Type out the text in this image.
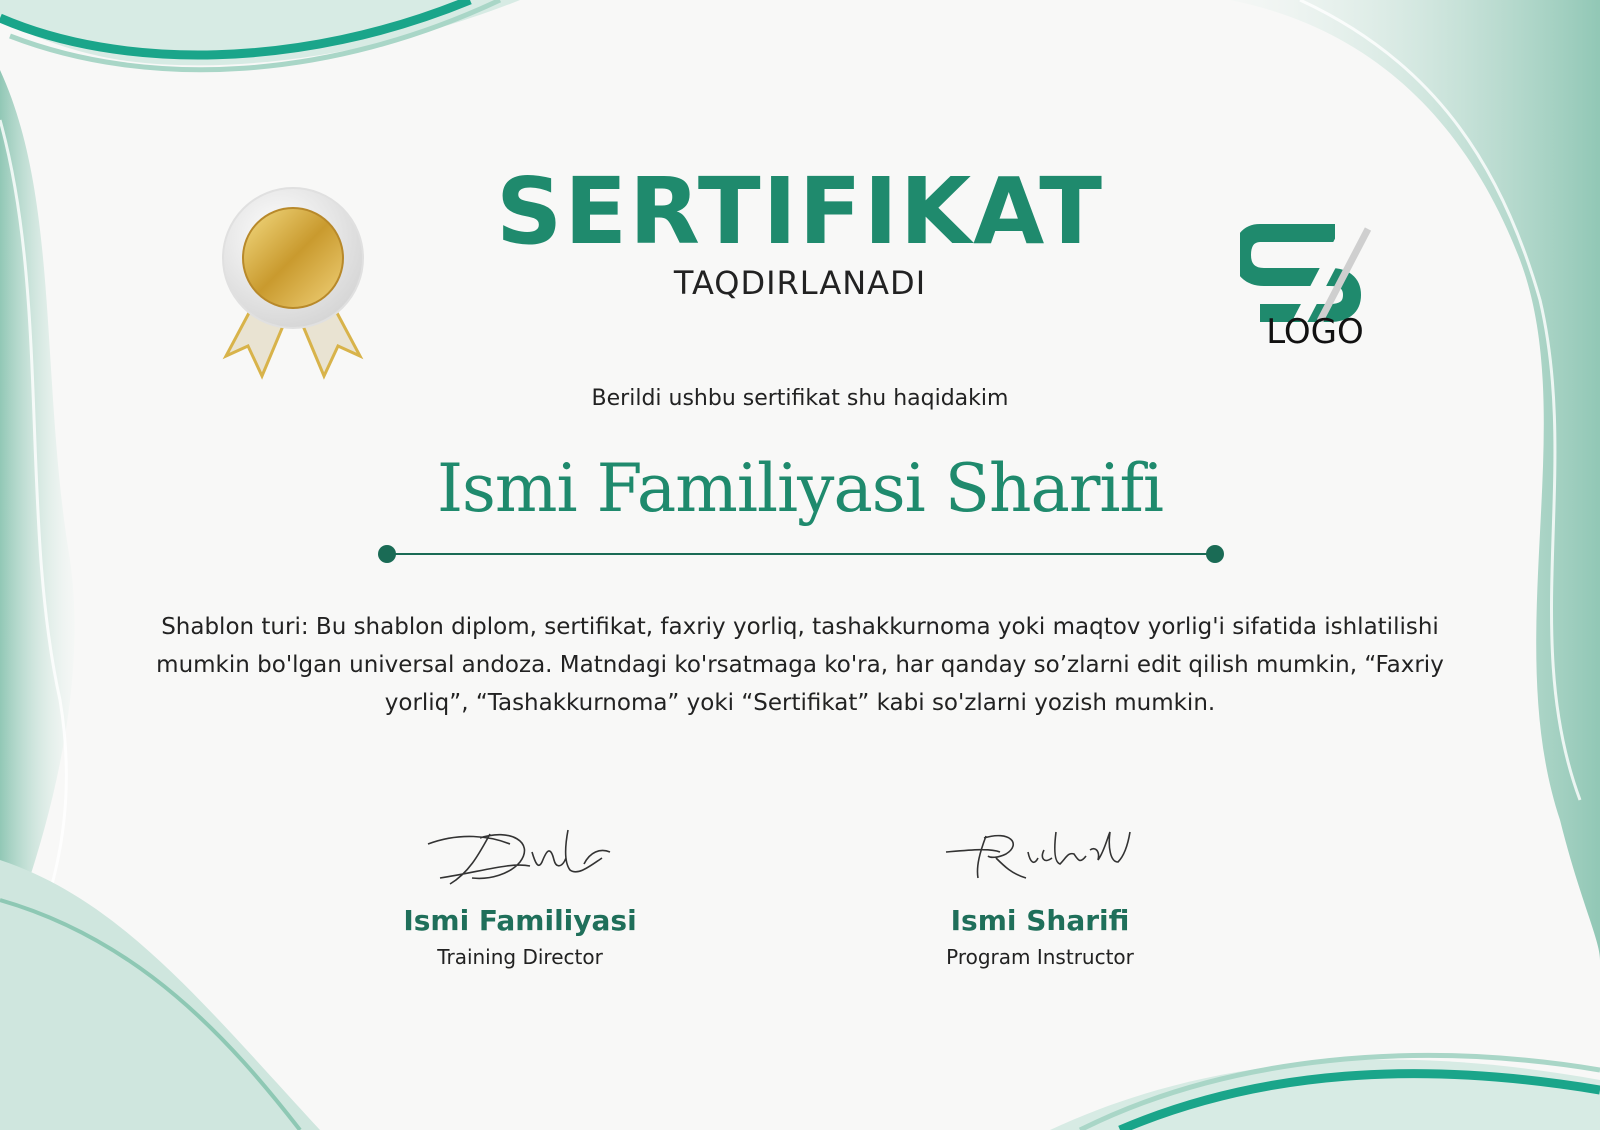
LOGO
SERTIFIKAT
TAQDIRLANADI
Berildi ushbu sertifikat shu haqidakim
Ismi Familiyasi Sharifi
Shablon turi: Bu shablon diplom, sertifikat, faxriy yorliq, tashakkurnoma yoki maqtov yorlig'i sifatida ishlatilishi mumkin bo'lgan universal andoza. Matndagi ko'rsatmaga ko'ra, har qanday so’zlarni edit qilish mumkin, “Faxriy yorliq”, “Tashakkurnoma” yoki “Sertifikat” kabi so'zlarni yozish mumkin.
Ismi Familiyasi
Training Director
Ismi Sharifi
Program Instructor
